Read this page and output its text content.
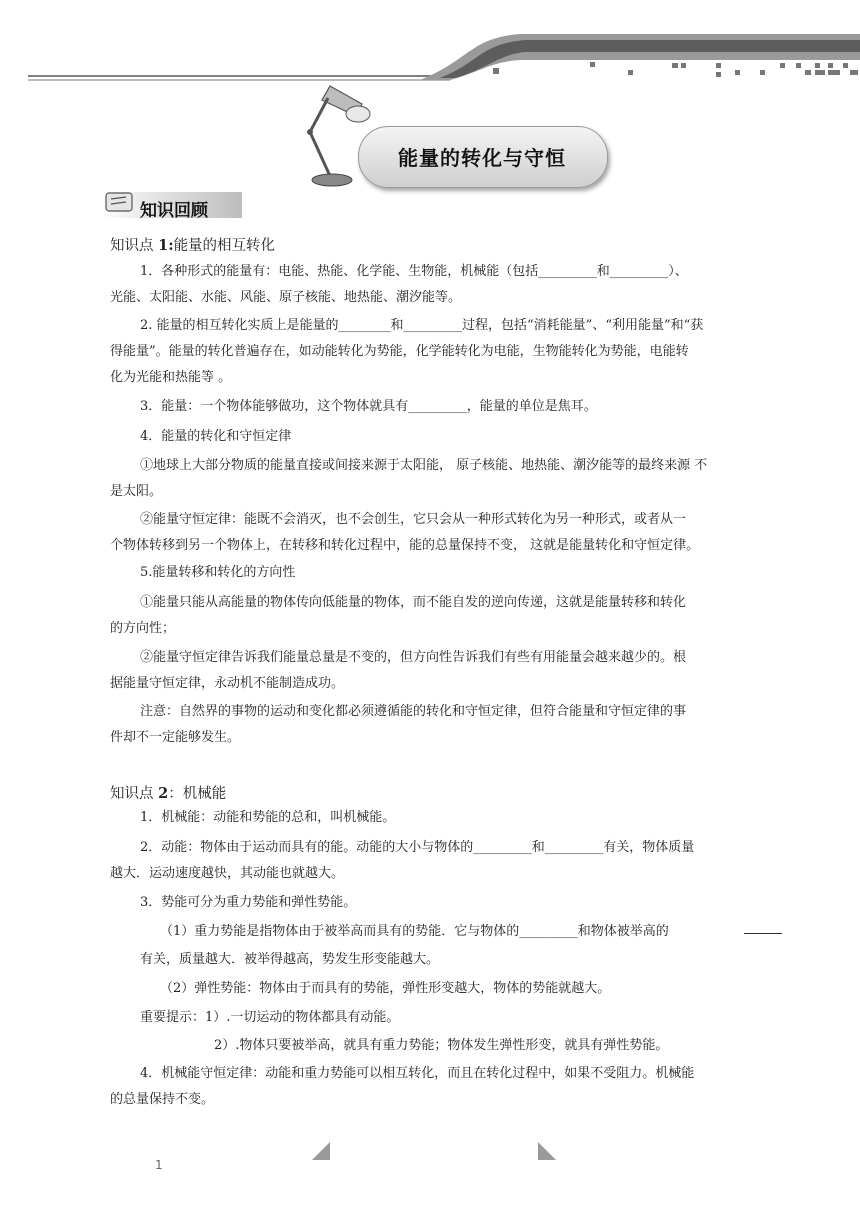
能量的转化与守恒
知识回顾
知识点 1:能量的相互转化
1．各种形式的能量有：电能、热能、化学能、生物能，机械能（包括_________和_________）、
光能、太阳能、水能、风能、原子核能、地热能、潮汐能等。
2. 能量的相互转化实质上是能量的________和_________过程，包括“消耗能量”、“利用能量”和“获
得能量”。能量的转化普遍存在，如动能转化为势能，化学能转化为电能，生物能转化为势能，电能转
化为光能和热能等 。
3．能量：一个物体能够做功，这个物体就具有_________，能量的单位是焦耳。
4．能量的转化和守恒定律
①地球上大部分物质的能量直接或间接来源于太阳能， 原子核能、地热能、潮汐能等的最终来源 不
是太阳。
②能量守恒定律：能既不会消灭，也不会创生，它只会从一种形式转化为另一种形式，或者从一
个物体转移到另一个物体上，在转移和转化过程中，能的总量保持不变， 这就是能量转化和守恒定律。
5.能量转移和转化的方向性
①能量只能从高能量的物体传向低能量的物体，而不能自发的逆向传递，这就是能量转移和转化
的方向性；
②能量守恒定律告诉我们能量总量是不变的，但方向性告诉我们有些有用能量会越来越少的。根
据能量守恒定律，永动机不能制造成功。
注意：自然界的事物的运动和变化都必须遵循能的转化和守恒定律，但符合能量和守恒定律的事
件却不一定能够发生。
知识点 2：机械能
1．机械能：动能和势能的总和，叫机械能。
2．动能：物体由于运动而具有的能。动能的大小与物体的_________和_________有关，物体质量
越大．运动速度越快，其动能也就越大。
3．势能可分为重力势能和弹性势能。
（1）重力势能是指物体由于被举高而具有的势能．它与物体的_________和物体被举高的
有关，质量越大．被举得越高，势发生形变能越大。
（2）弹性势能：物体由于而具有的势能，弹性形变越大，物体的势能就越大。
重要提示：1）.一切运动的物体都具有动能。
2）.物体只要被举高，就具有重力势能；物体发生弹性形变，就具有弹性势能。
4．机械能守恒定律：动能和重力势能可以相互转化，而且在转化过程中，如果不受阻力。机械能
的总量保持不变。
1
